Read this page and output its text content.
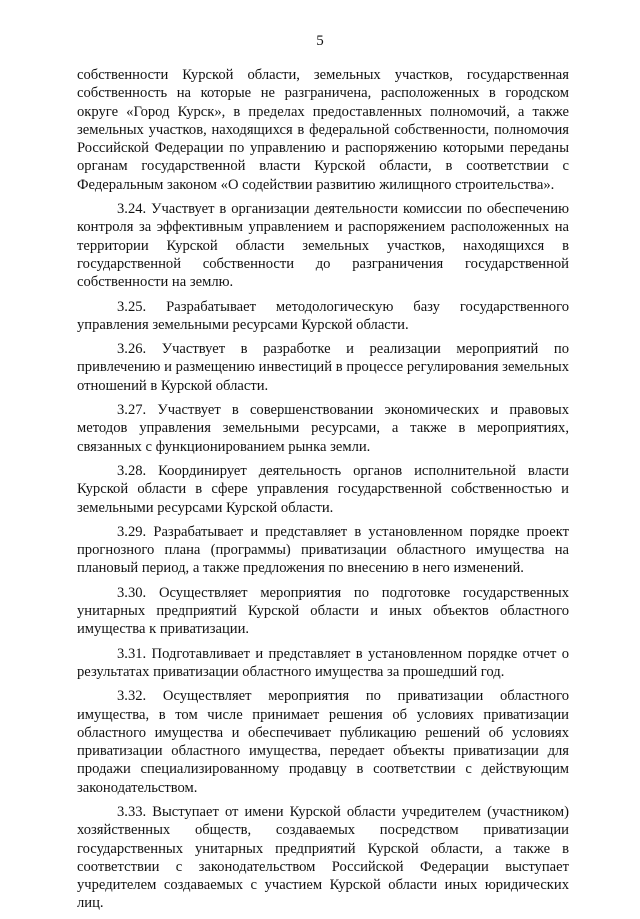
5

собственности Курской области, земельных участков, государственная собственность на которые не разграничена, расположенных в городском округе «Город Курск», в пределах предоставленных полномочий, а также земельных участков, находящихся в федеральной собственности, полномочия Российской Федерации по управлению и распоряжению которыми переданы органам государственной власти Курской области, в соответствии с Федеральным законом «О содействии развитию жилищного строительства».

3.24. Участвует в организации деятельности комиссии по обеспечению контроля за эффективным управлением и распоряжением расположенных на территории Курской области земельных участков, находящихся в государственной собственности до разграничения государственной собственности на землю.

3.25. Разрабатывает методологическую базу государственного управления земельными ресурсами Курской области.

3.26. Участвует в разработке и реализации мероприятий по привлечению и размещению инвестиций в процессе регулирования земельных отношений в Курской области.

3.27. Участвует в совершенствовании экономических и правовых методов управления земельными ресурсами, а также в мероприятиях, связанных с функционированием рынка земли.

3.28. Координирует деятельность органов исполнительной власти Курской области в сфере управления государственной собственностью и земельными ресурсами Курской области.

3.29. Разрабатывает и представляет в установленном порядке проект прогнозного плана (программы) приватизации областного имущества на плановый период, а также предложения по внесению в него изменений.

3.30. Осуществляет мероприятия по подготовке государственных унитарных предприятий Курской области и иных объектов областного имущества к приватизации.

3.31. Подготавливает и представляет в установленном порядке отчет о результатах приватизации областного имущества за прошедший год.

3.32. Осуществляет мероприятия по приватизации областного имущества, в том числе принимает решения об условиях приватизации областного имущества и обеспечивает публикацию решений об условиях приватизации областного имущества, передает объекты приватизации для продажи специализированному продавцу в соответствии с действующим законодательством.

3.33. Выступает от имени Курской области учредителем (участником) хозяйственных обществ, создаваемых посредством приватизации государственных унитарных предприятий Курской области, а также в соответствии с законодательством Российской Федерации выступает учредителем создаваемых с участием Курской области иных юридических лиц.
